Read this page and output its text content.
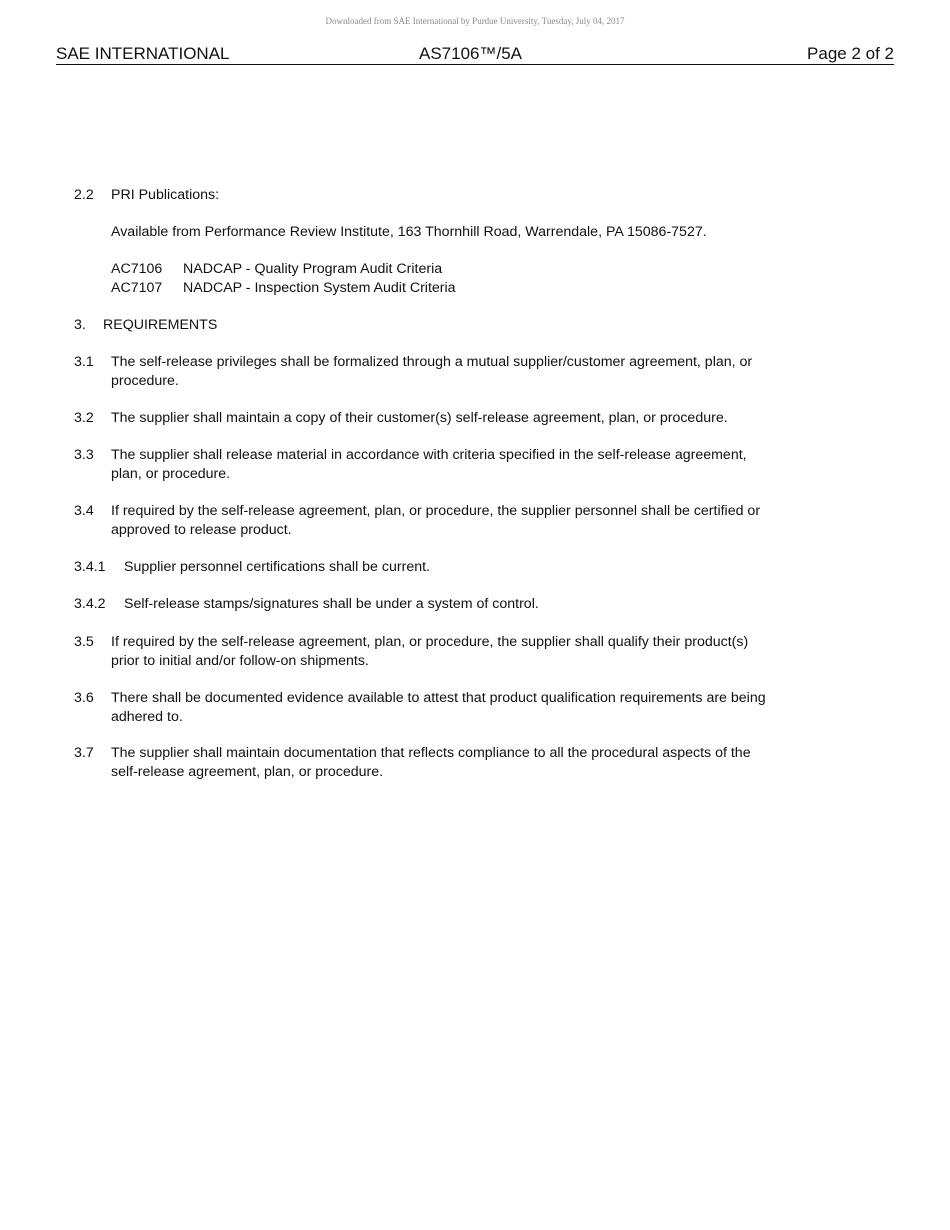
Downloaded from SAE International by Purdue University, Tuesday, July 04, 2017
SAE INTERNATIONAL	AS7106™/5A	Page 2 of 2
2.2 PRI Publications:
Available from Performance Review Institute, 163 Thornhill Road, Warrendale, PA 15086-7527.
AC7106 NADCAP - Quality Program Audit Criteria
AC7107 NADCAP - Inspection System Audit Criteria
3. REQUIREMENTS
3.1 The self-release privileges shall be formalized through a mutual supplier/customer agreement, plan, or
procedure.
3.2 The supplier shall maintain a copy of their customer(s) self-release agreement, plan, or procedure.
3.3 The supplier shall release material in accordance with criteria specified in the self-release agreement,
plan, or procedure.
3.4 If required by the self-release agreement, plan, or procedure, the supplier personnel shall be certified or
approved to release product.
3.4.1 Supplier personnel certifications shall be current.
3.4.2 Self-release stamps/signatures shall be under a system of control.
3.5 If required by the self-release agreement, plan, or procedure, the supplier shall qualify their product(s)
prior to initial and/or follow-on shipments.
3.6 There shall be documented evidence available to attest that product qualification requirements are being
adhered to.
3.7 The supplier shall maintain documentation that reflects compliance to all the procedural aspects of the
self-release agreement, plan, or procedure.
